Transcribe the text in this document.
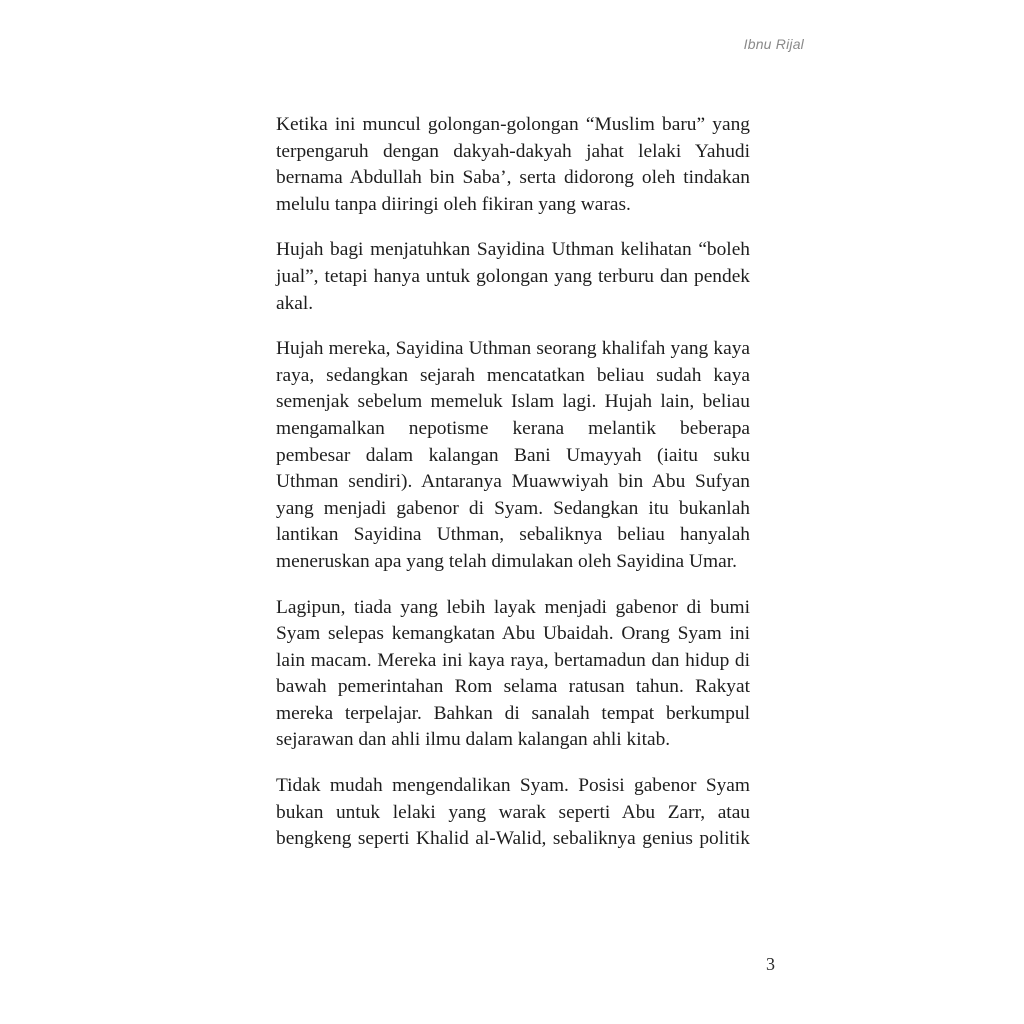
Ibnu Rijal

Ketika ini muncul golongan-golongan “Muslim baru” yang terpengaruh dengan dakyah-dakyah jahat lelaki Yahudi bernama Abdullah bin Saba’, serta didorong oleh tindakan melulu tanpa diiringi oleh fikiran yang waras.

Hujah bagi menjatuhkan Sayidina Uthman kelihatan “boleh jual”, tetapi hanya untuk golongan yang terburu dan pendek akal.

Hujah mereka, Sayidina Uthman seorang khalifah yang kaya raya, sedangkan sejarah mencatatkan beliau sudah kaya semenjak sebelum memeluk Islam lagi. Hujah lain, beliau mengamalkan nepotisme kerana melantik beberapa pembesar dalam kalangan Bani Umayyah (iaitu suku Uthman sendiri). Antaranya Muawwiyah bin Abu Sufyan yang menjadi gabenor di Syam. Sedangkan itu bukanlah lantikan Sayidina Uthman, sebaliknya beliau hanyalah meneruskan apa yang telah dimulakan oleh Sayidina Umar.

Lagipun, tiada yang lebih layak menjadi gabenor di bumi Syam selepas kemangkatan Abu Ubaidah. Orang Syam ini lain macam. Mereka ini kaya raya, bertamadun dan hidup di bawah pemerintahan Rom selama ratusan tahun. Rakyat mereka terpelajar. Bahkan di sanalah tempat berkumpul sejarawan dan ahli ilmu dalam kalangan ahli kitab.

Tidak mudah mengendalikan Syam. Posisi gabenor Syam bukan untuk lelaki yang warak seperti Abu Zarr, atau bengkeng seperti Khalid al-Walid, sebaliknya genius politik

3
